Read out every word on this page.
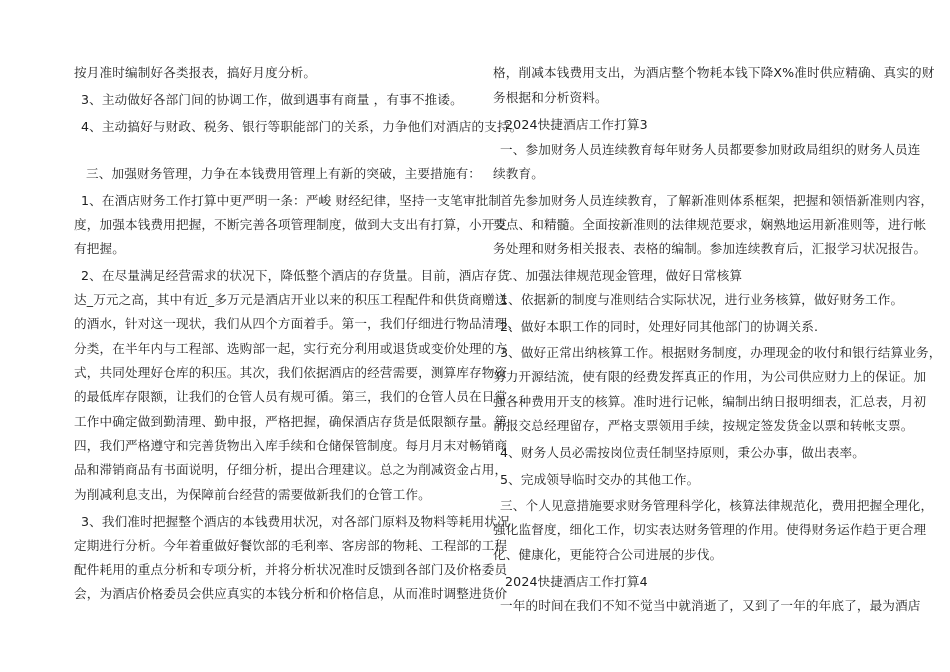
按月准时编制好各类报表，搞好月度分析。
3、主动做好各部门间的协调工作，做到遇事有商量 ，有事不推诿。
4、主动搞好与财政、税务、银行等职能部门的关系，力争他们对酒店的支持。
三、加强财务管理，力争在本钱费用管理上有新的突破，主要措施有：
1、在酒店财务工作打算中更严明一条：严峻 财经纪律，坚持一支笔审批制
度，加强本钱费用把握，不断完善各项管理制度，做到大支出有打算，小开支
有把握。
2、在尽量满足经营需求的状况下，降低整个酒店的存货量。目前，酒店存货
达_万元之高，其中有近_多万元是酒店开业以来的积压工程配件和供货商赠送
的酒水，针对这一现状，我们从四个方面着手。第一，我们仔细进行物品清理、
分类，在半年内与工程部、选购部一起，实行充分利用或退货或变价处理的方
式，共同处理好仓库的积压。其次，我们依据酒店的经营需要，测算库存物资
的最低库存限额，让我们的仓管人员有规可循。第三，我们的仓管人员在日常
工作中确定做到勤清理、勤申报，严格把握，确保酒店存货是低限额存量。第
四，我们严格遵守和完善货物出入库手续和仓储保管制度。每月月末对畅销商
品和滞销商品有书面说明，仔细分析，提出合理建议。总之为削减资金占用，
为削减利息支出，为保障前台经营的需要做新我们的仓管工作。
3、我们准时把握整个酒店的本钱费用状况，对各部门原料及物料等耗用状况
定期进行分析。今年着重做好餐饮部的毛利率、客房部的物耗、工程部的工程
配件耗用的重点分析和专项分析，并将分析状况准时反馈到各部门及价格委员
会，为酒店价格委员会供应真实的本钱分析和价格信息，从而准时调整进货价
格，削减本钱费用支出，为酒店整个物耗本钱下降X%准时供应精确、真实的财
务根据和分析资料。
2024快捷酒店工作打算3
一、参加财务人员连续教育每年财务人员都要参加财政局组织的财务人员连
续教育。
首先参加财务人员连续教育，了解新准则体系框架，把握和领悟新准则内容，
要点、和精髓。全面按新准则的法律规范要求，娴熟地运用新准则等，进行帐
务处理和财务相关报表、表格的编制。参加连续教育后，汇报学习状况报告。
二、加强法律规范现金管理，做好日常核算
1、依据新的制度与准则结合实际状况，进行业务核算，做好财务工作。
2、做好本职工作的同时，处理好同其他部门的协调关系.
3、做好正常出纳核算工作。根据财务制度，办理现金的收付和银行结算业务，
努力开源结流，使有限的经费发挥真正的作用，为公司供应财力上的保证。加
强各种费用开支的核算。准时进行记帐，编制出纳日报明细表，汇总表，月初
前报交总经理留存，严格支票领用手续，按规定签发货金以票和转帐支票。
4、财务人员必需按岗位责任制坚持原则，秉公办事，做出表率。
5、完成领导临时交办的其他工作。
三、个人见意措施要求财务管理科学化，核算法律规范化，费用把握全理化，
强化监督度，细化工作，切实表达财务管理的作用。使得财务运作趋于更合理
化、健康化，更能符合公司进展的步伐。
2024快捷酒店工作打算4
一年的时间在我们不知不觉当中就消逝了，又到了一年的年底了，最为酒店
